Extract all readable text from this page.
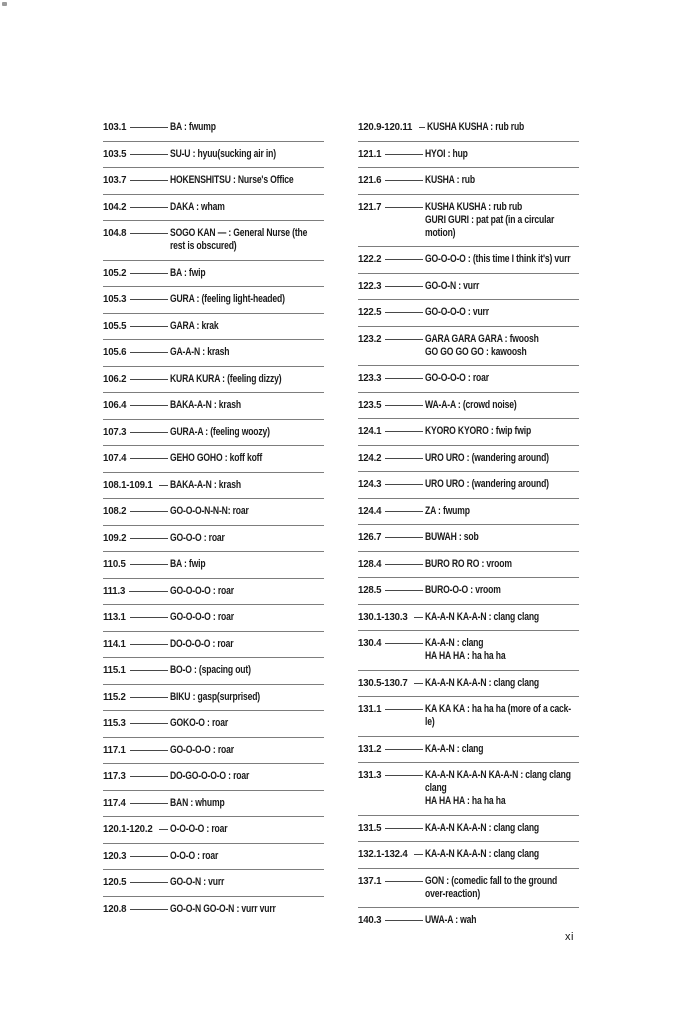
103.1	BA : fwump
103.5	SU-U : hyuu(sucking air in)
103.7	HOKENSHITSU : Nurse's Office
104.2	DAKA : wham
104.8	SOGO KAN — : General Nurse (the
rest is obscured)
105.2	BA : fwip
105.3	GURA : (feeling light-headed)
105.5	GARA : krak
105.6	GA-A-N : krash
106.2	KURA KURA : (feeling dizzy)
106.4	BAKA-A-N : krash
107.3	GURA-A : (feeling woozy)
107.4	GEHO GOHO : koff koff
108.1-109.1 BAKA-A-N : krash
108.2	GO-O-O-N-N-N: roar
109.2	GO-O-O : roar
110.5	BA : fwip
111.3	GO-O-O-O : roar
113.1	GO-O-O-O : roar
114.1	DO-O-O-O : roar
115.1	BO-O : (spacing out)
115.2	BIKU : gasp(surprised)
115.3	GOKO-O : roar
117.1	GO-O-O-O : roar
117.3	DO-GO-O-O-O : roar
117.4	BAN : whump
120.1-120.2 O-O-O-O : roar
120.3	O-O-O : roar
120.5	GO-O-N : vurr
120.8	GO-O-N GO-O-N : vurr vurr
120.9-120.11 KUSHA KUSHA : rub rub
121.1	HYOI : hup
121.6	KUSHA : rub
121.7	KUSHA KUSHA : rub rub
GURI GURI : pat pat (in a circular
motion)
122.2	GO-O-O-O : (this time I think it's) vurr
122.3	GO-O-N : vurr
122.5	GO-O-O-O : vurr
123.2	GARA GARA GARA : fwoosh
GO GO GO GO : kawoosh
123.3	GO-O-O-O : roar
123.5	WA-A-A : (crowd noise)
124.1	KYORO KYORO : fwip fwip
124.2	URO URO : (wandering around)
124.3	URO URO : (wandering around)
124.4	ZA : fwump
126.7	BUWAH : sob
128.4	BURO RO RO : vroom
128.5	BURO-O-O : vroom
130.1-130.3 KA-A-N KA-A-N : clang clang
130.4	KA-A-N : clang
HA HA HA : ha ha ha
130.5-130.7 KA-A-N KA-A-N : clang clang
131.1	KA KA KA : ha ha ha (more of a cack-
le)
131.2	KA-A-N : clang
131.3	KA-A-N KA-A-N KA-A-N : clang clang
clang
HA HA HA : ha ha ha
131.5	KA-A-N KA-A-N : clang clang
132.1-132.4 KA-A-N KA-A-N : clang clang
137.1	GON : (comedic fall to the ground
over-reaction)
140.3	UWA-A : wah
xi
